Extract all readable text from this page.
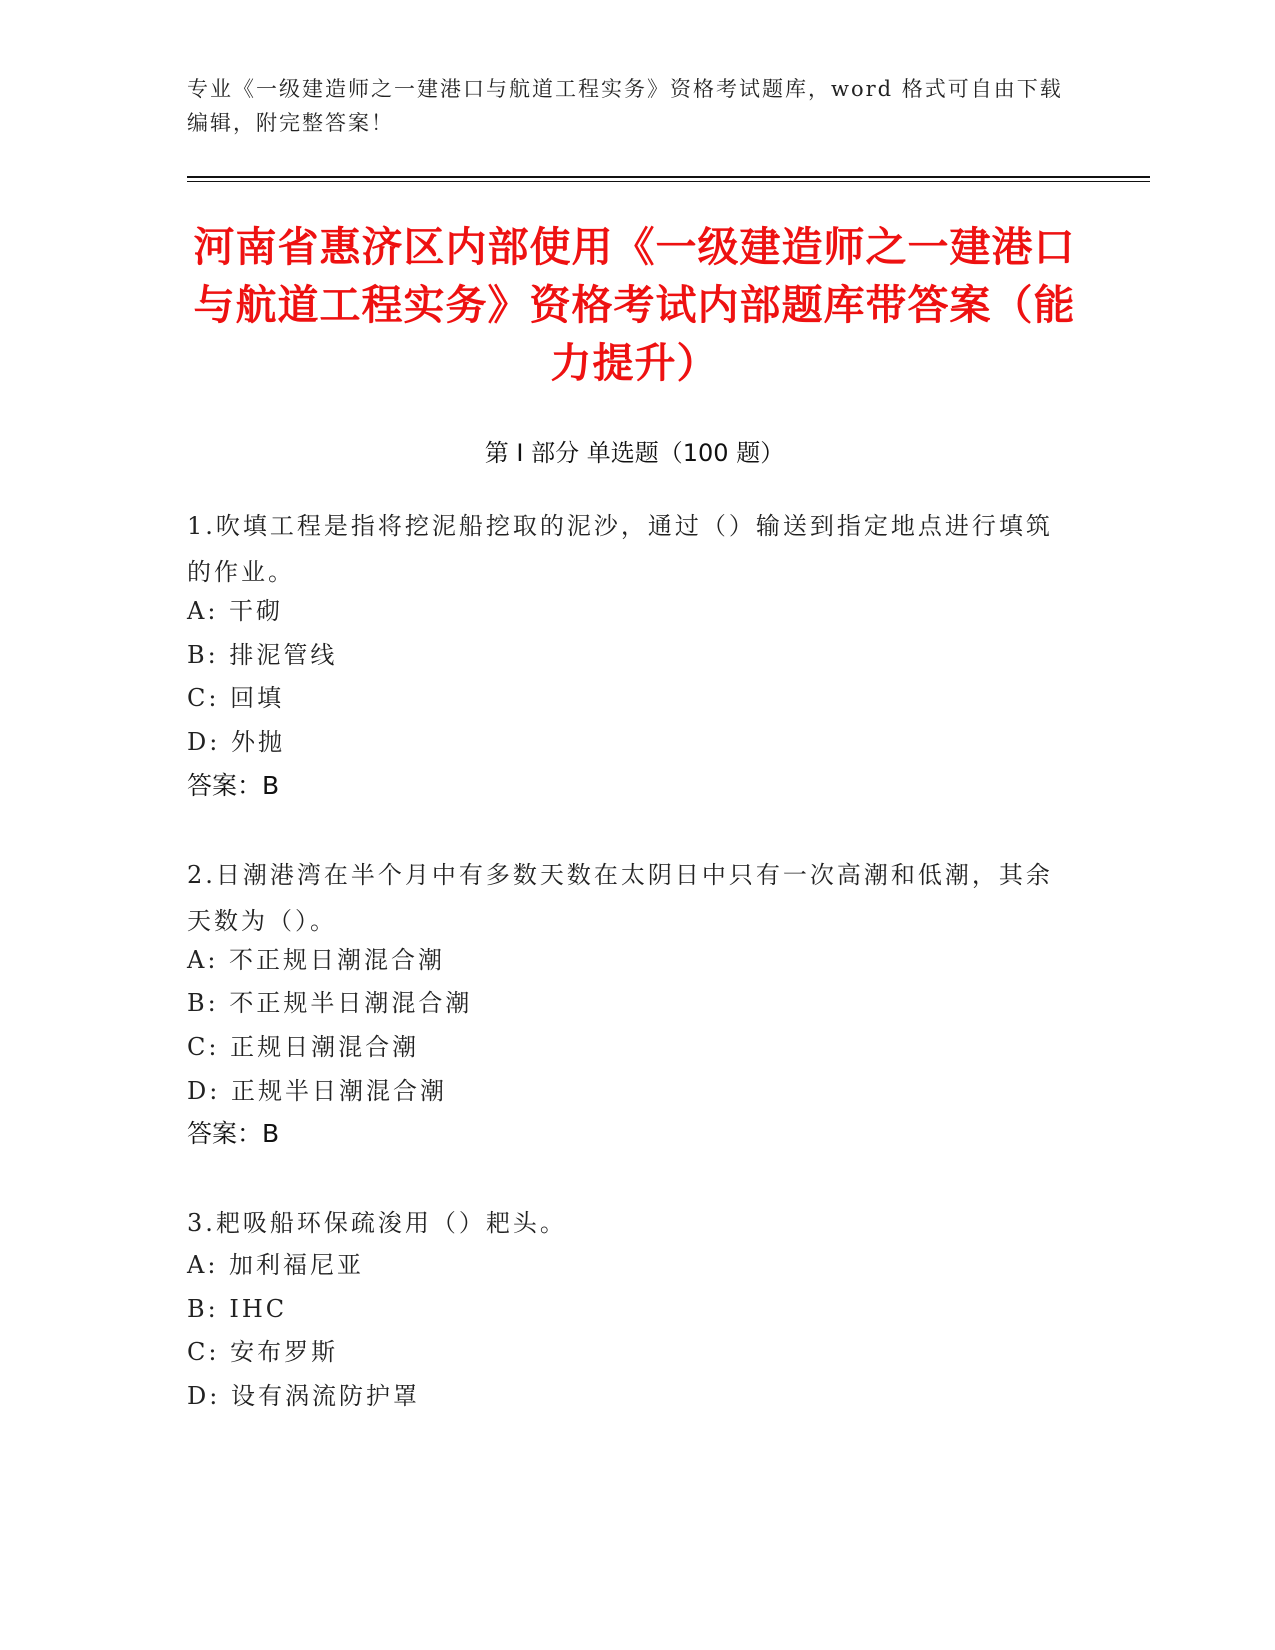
专业《一级建造师之一建港口与航道工程实务》资格考试题库，word 格式可自由下载编辑，附完整答案！
河南省惠济区内部使用《一级建造师之一建港口与航道工程实务》资格考试内部题库带答案（能力提升）
第 I 部分 单选题（100 题）
1.吹填工程是指将挖泥船挖取的泥沙，通过（）输送到指定地点进行填筑的作业。
A: 干砌
B: 排泥管线
C: 回填
D: 外抛
答案：B
2.日潮港湾在半个月中有多数天数在太阴日中只有一次高潮和低潮，其余天数为（）。
A: 不正规日潮混合潮
B: 不正规半日潮混合潮
C: 正规日潮混合潮
D: 正规半日潮混合潮
答案：B
3.耙吸船环保疏浚用（）耙头。
A: 加利福尼亚
B: IHC
C: 安布罗斯
D: 设有涡流防护罩
